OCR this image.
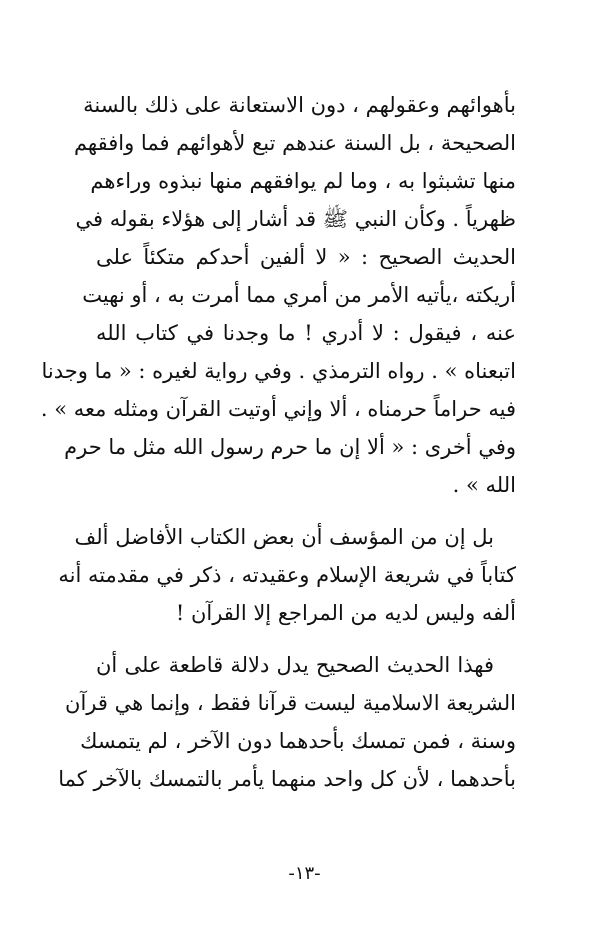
بأهوائهم وعقولهم ، دون الاستعانة على ذلك بالسنة
الصحيحة ، بل السنة عندهم تبع لأهوائهم فما وافقهم
منها تشبثوا به ، وما لم يوافقهم منها نبذوه وراءهم
ظهرياً . وكأن النبي ﷺ قد أشار إلى هؤلاء بقوله في
الحديث الصحيح : « لا ألفين أحدكم متكئاً على
أريكته ،يأتيه الأمر من أمري مما أمرت به ، أو نهيت
عنه ، فيقول : لا أدري ! ما وجدنا في كتاب الله
اتبعناه » . رواه الترمذي . وفي رواية لغيره : « ما وجدنا
فيه حراماً حرمناه ، ألا وإني أوتيت القرآن ومثله معه » .
وفي أخرى : « ألا إن ما حرم رسول الله مثل ما حرم
الله » .
بل إن من المؤسف أن بعض الكتاب الأفاضل ألف
كتاباً في شريعة الإسلام وعقيدته ، ذكر في مقدمته أنه
ألفه وليس لديه من المراجع إلا القرآن !
فهذا الحديث الصحيح يدل دلالة قاطعة على أن
الشريعة الاسلامية ليست قرآنا فقط ، وإنما هي قرآن
وسنة ، فمن تمسك بأحدهما دون الآخر ، لم يتمسك
بأحدهما ، لأن كل واحد منهما يأمر بالتمسك بالآخر كما
-١٣-
